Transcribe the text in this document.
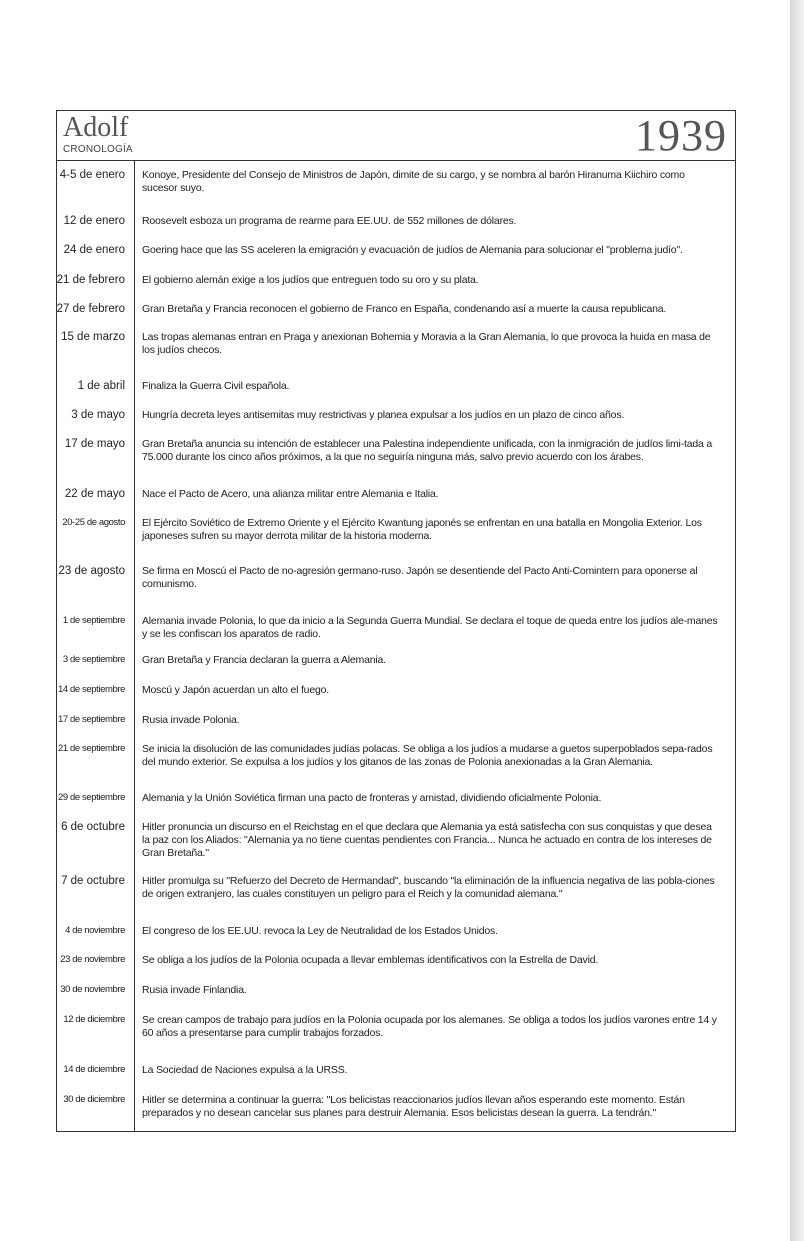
Adolf
CRONOLOGÍA	1939
4-5 de enero Konoye, Presidente del Consejo de Ministros de Japón, dimite de su cargo, y se nombra al barón Hiranuma Kiichiro como sucesor suyo.
12 de enero Roosevelt esboza un programa de rearme para EE.UU. de 552 millones de dólares.
24 de enero Goering hace que las SS aceleren la emigración y evacuación de judíos de Alemania para solucionar el "problema judío".
21 de febrero El gobierno alemán exige a los judíos que entreguen todo su oro y su plata.
27 de febrero Gran Bretaña y Francia reconocen el gobierno de Franco en España, condenando así a muerte la causa republicana.
15 de marzo Las tropas alemanas entran en Praga y anexionan Bohemia y Moravia a la Gran Alemania, lo que provoca la huida en masa de los judíos checos.
1 de abril Finaliza la Guerra Civil española.
3 de mayo Hungría decreta leyes antisemitas muy restrictivas y planea expulsar a los judíos en un plazo de cinco años.
17 de mayo Gran Bretaña anuncia su intención de establecer una Palestina independiente unificada, con la inmigración de judíos limi-tada a 75.000 durante los cinco años próximos, a la que no seguiría ninguna más, salvo previo acuerdo con los árabes.
22 de mayo Nace el Pacto de Acero, una alianza militar entre Alemania e Italia.
20-25 de agosto El Ejército Soviético de Extremo Oriente y el Ejército Kwantung japonés se enfrentan en una batalla en Mongolia Exterior. Los japoneses sufren su mayor derrota militar de la historia moderna.
23 de agosto Se firma en Moscú el Pacto de no-agresión germano-ruso. Japón se desentiende del Pacto Anti-Comintern para oponerse al comunismo.
1 de septiembre Alemania invade Polonia, lo que da inicio a la Segunda Guerra Mundial. Se declara el toque de queda entre los judíos ale-manes y se les confiscan los aparatos de radio.
3 de septiembre Gran Bretaña y Francia declaran la guerra a Alemania.
14 de septiembre Moscú y Japón acuerdan un alto el fuego.
17 de septiembre Rusia invade Polonia.
21 de septiembre Se inicia la disolución de las comunidades judías polacas. Se obliga a los judíos a mudarse a guetos superpoblados sepa-rados del mundo exterior. Se expulsa a los judíos y los gitanos de las zonas de Polonia anexionadas a la Gran Alemania.
29 de septiembre Alemania y la Unión Soviética firman una pacto de fronteras y amistad, dividiendo oficialmente Polonia.
6 de octubre Hitler pronuncia un discurso en el Reichstag en el que declara que Alemania ya está satisfecha con sus conquistas y que desea la paz con los Aliados: "Alemania ya no tiene cuentas pendientes con Francia... Nunca he actuado en contra de los intereses de Gran Bretaña."
7 de octubre Hitler promulga su "Refuerzo del Decreto de Hermandad", buscando "la eliminación de la influencia negativa de las pobla-ciones de origen extranjero, las cuales constituyen un peligro para el Reich y la comunidad alemana."
4 de noviembre El congreso de los EE.UU. revoca la Ley de Neutralidad de los Estados Unidos.
23 de noviembre Se obliga a los judíos de la Polonia ocupada a llevar emblemas identificativos con la Estrella de David.
30 de noviembre Rusia invade Finlandia.
12 de diciembre Se crean campos de trabajo para judíos en la Polonia ocupada por los alemanes. Se obliga a todos los judíos varones entre 14 y 60 años a presentarse para cumplir trabajos forzados.
14 de diciembre La Sociedad de Naciones expulsa a la URSS.
30 de diciembre Hitler se determina a continuar la guerra: "Los belicistas reaccionarios judíos llevan años esperando este momento. Están preparados y no desean cancelar sus planes para destruir Alemania. Esos belicistas desean la guerra. La tendrán."
